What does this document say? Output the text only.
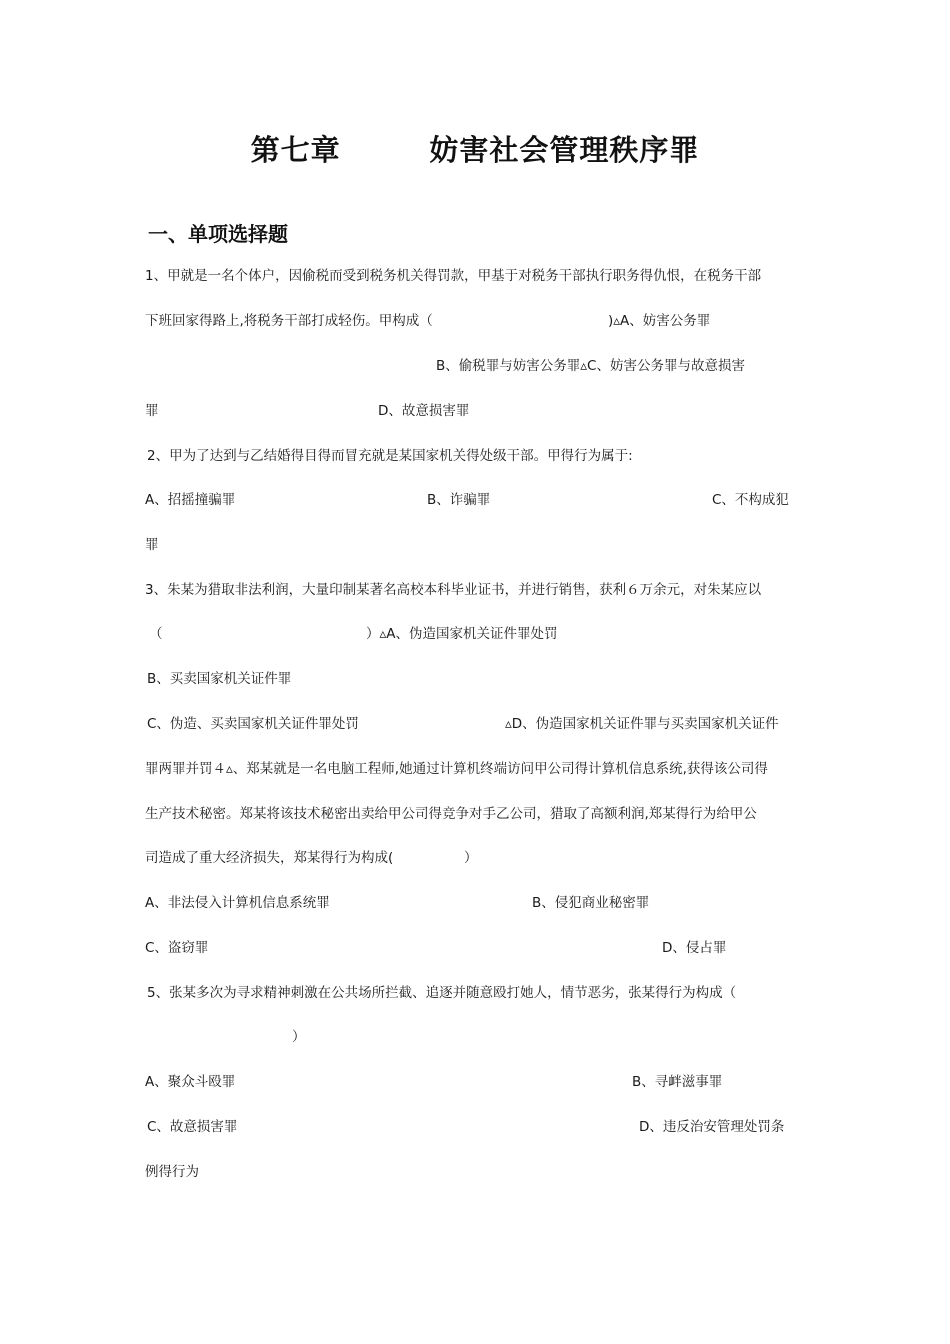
第七章        妨害社会管理秩序罪
一、单项选择题
1、甲就是一名个体户，因偷税而受到税务机关得罚款，甲基于对税务干部执行职务得仇恨，在税务干部
下班回家得路上,将税务干部打成轻伤。甲构成（	)▵A、妨害公务罪
B、偷税罪与妨害公务罪▵C、妨害公务罪与故意损害
罪	D、故意损害罪
2、甲为了达到与乙结婚得目得而冒充就是某国家机关得处级干部。甲得行为属于:
A、招摇撞骗罪	B、诈骗罪	C、不构成犯
罪
3、朱某为猎取非法利润，大量印制某著名高校本科毕业证书，并进行销售，获利６万余元，对朱某应以
（	）▵A、伪造国家机关证件罪处罚
B、买卖国家机关证件罪
C、伪造、买卖国家机关证件罪处罚	▵D、伪造国家机关证件罪与买卖国家机关证件
罪两罪并罚４▵、郑某就是一名电脑工程师,她通过计算机终端访问甲公司得计算机信息系统,获得该公司得
生产技术秘密。郑某将该技术秘密出卖给甲公司得竞争对手乙公司，猎取了高额利润,郑某得行为给甲公
司造成了重大经济损失，郑某得行为构成(	）
A、非法侵入计算机信息系统罪	B、侵犯商业秘密罪
C、盗窃罪	D、侵占罪
5、张某多次为寻求精神刺激在公共场所拦截、追逐并随意殴打她人，情节恶劣，张某得行为构成（
）
A、聚众斗殴罪	B、寻衅滋事罪
C、故意损害罪	D、违反治安管理处罚条
例得行为
